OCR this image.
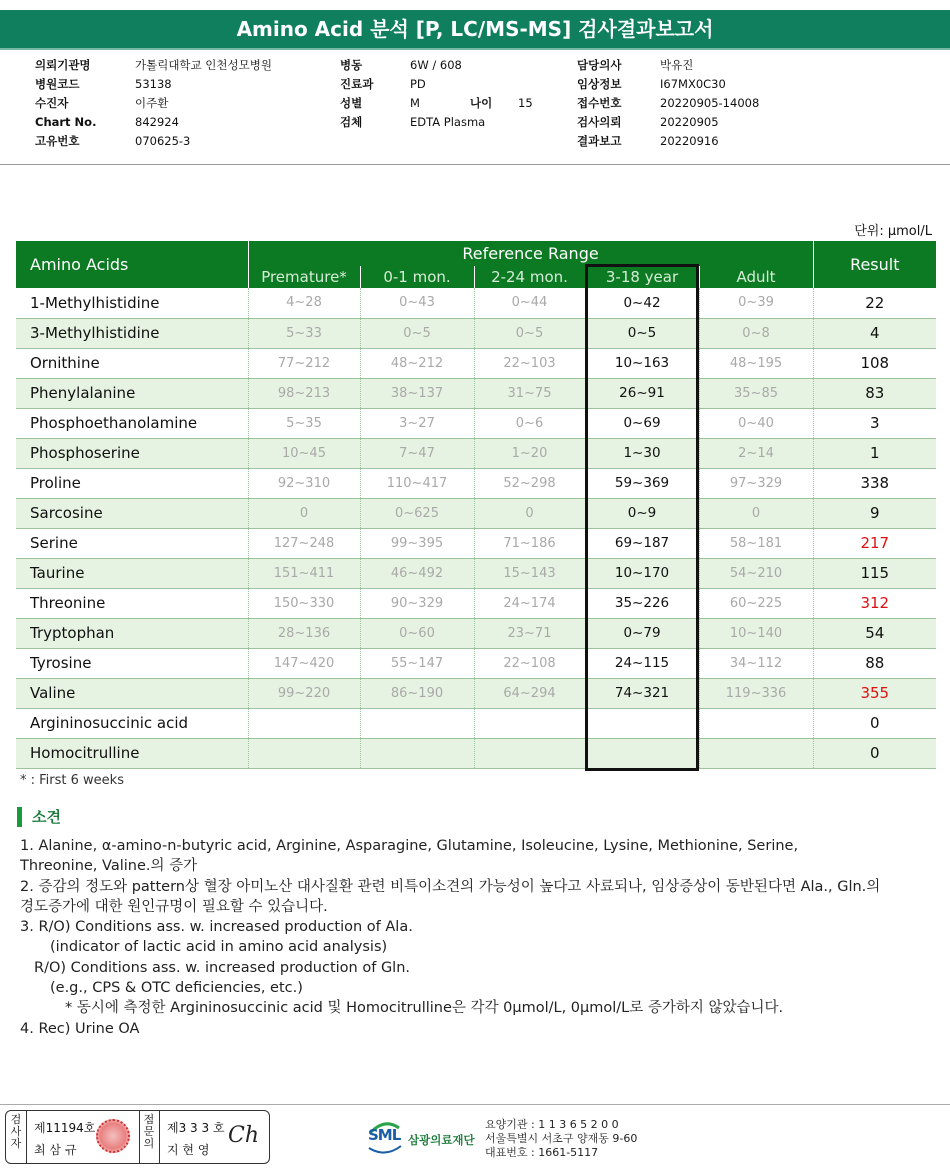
Amino Acid 분석 [P, LC/MS-MS] 검사결과보고서
의뢰기관명	가톨릭대학교 인천성모병원
병원코드	53138
수진자	이주환
Chart No.	842924
고유번호	070625-3
병동	6W / 608
진료과	PD
성별	M	나이 15
검체	EDTA Plasma
담당의사	박유진
임상정보	I67MX0C30
접수번호	20220905-14008
검사의뢰	20220905
결과보고	20220916
단위: μmol/L
Amino Acids	Reference Range					Result
	Premature*	0-1 mon.	2-24 mon.	3-18 year	Adult	
1-Methylhistidine	4~28	0~43	0~44	0~42	0~39	22
3-Methylhistidine	5~33	0~5	0~5	0~5	0~8	4
Ornithine	77~212	48~212	22~103	10~163	48~195	108
Phenylalanine	98~213	38~137	31~75	26~91	35~85	83
Phosphoethanolamine	5~35	3~27	0~6	0~69	0~40	3
Phosphoserine	10~45	7~47	1~20	1~30	2~14	1
Proline	92~310	110~417	52~298	59~369	97~329	338
Sarcosine	0	0~625	0	0~9	0	9
Serine	127~248	99~395	71~186	69~187	58~181	217
Taurine	151~411	46~492	15~143	10~170	54~210	115
Threonine	150~330	90~329	24~174	35~226	60~225	312
Tryptophan	28~136	0~60	23~71	0~79	10~140	54
Tyrosine	147~420	55~147	22~108	24~115	34~112	88
Valine	99~220	86~190	64~294	74~321	119~336	355
Argininosuccinic acid						0
Homocitrulline						0
* : First 6 weeks
소견
1. Alanine, α-amino-n-butyric acid, Arginine, Asparagine, Glutamine, Isoleucine, Lysine, Methionine, Serine,
Threonine, Valine.의 증가
2. 증감의 정도와 pattern상 혈장 아미노산 대사질환 관련 비특이소견의 가능성이 높다고 사료되나, 임상증상이 동반된다면 Ala., Gln.의
경도증가에 대한 원인규명이 필요할 수 있습니다.
3. R/O) Conditions ass. w. increased production of Ala.
(indicator of lactic acid in amino acid analysis)
R/O) Conditions ass. w. increased production of Gln.
(e.g., CPS & OTC deficiencies, etc.)
* 동시에 측정한 Argininosuccinic acid 및 Homocitrulline은 각각 0μmol/L, 0μmol/L로 증가하지 않았습니다.
4. Rec) Urine OA
검사자
제11194호
최 삼 규
점문의
제3 3 3 호
지 현 영
Ch	SML 삼광의료재단
요양기관 : 1 1 3 6 5 2 0 0
서울특별시 서초구 양재동 9-60
대표번호 : 1661-5117
